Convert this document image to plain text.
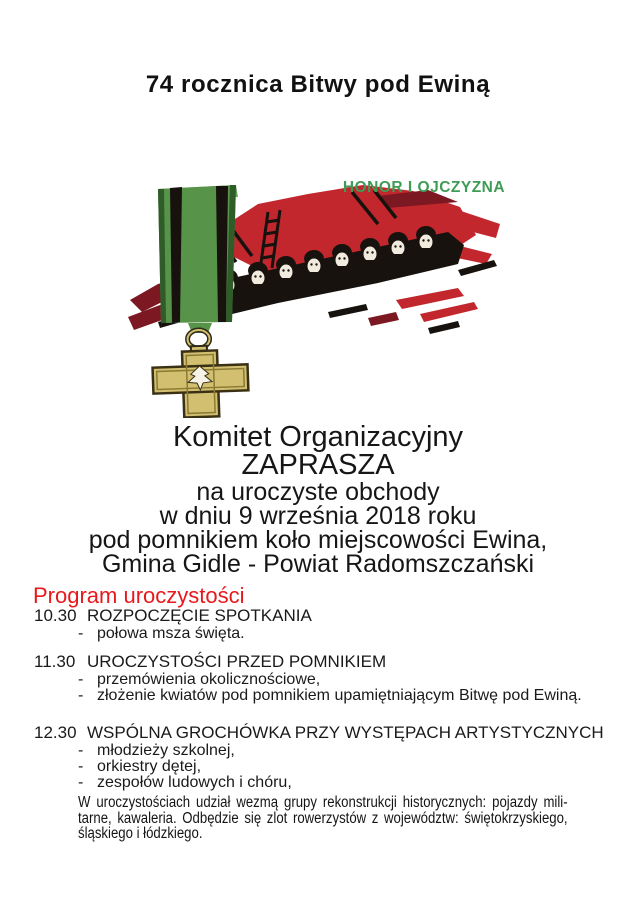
74 rocznica Bitwy pod Ewiną
HONOR I OJCZYZNA
Komitet Organizacyjny
ZAPRASZA
na uroczyste obchody
w dniu 9 września 2018 roku
pod pomnikiem koło miejscowości Ewina,
Gmina Gidle - Powiat Radomszczański
Program uroczystości
10.30 ROZPOCZĘCIE SPOTKANIA
- połowa msza święta.
11.30 UROCZYSTOŚCI PRZED POMNIKIEM
- przemówienia okolicznościowe,
- złożenie kwiatów pod pomnikiem upamiętniającym Bitwę pod Ewiną.
12.30 WSPÓLNA GROCHÓWKA PRZY WYSTĘPACH ARTYSTYCZNYCH
- młodzieży szkolnej,
- orkiestry dętej,
- zespołów ludowych i chóru,
W uroczystościach udział wezmą grupy rekonstrukcji historycznych: pojazdy mili-
tarne, kawaleria. Odbędzie się zlot rowerzystów z województw: świętokrzyskiego,
śląskiego i łódzkiego.
